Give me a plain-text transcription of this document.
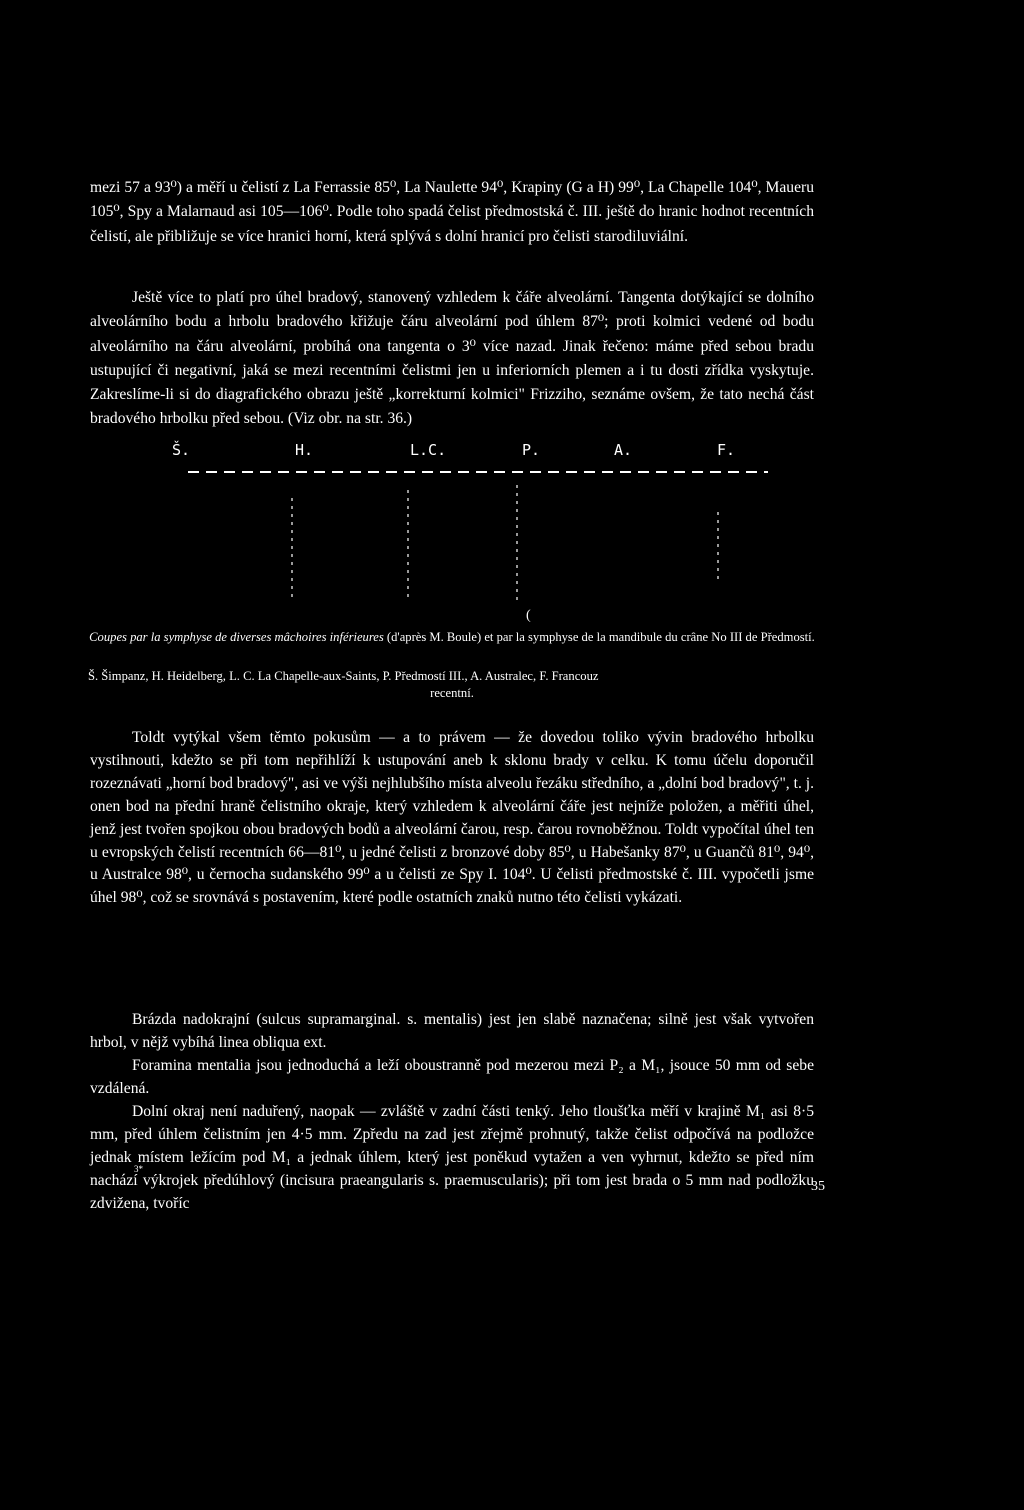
mezi 57 a 93⁰) a měří u čelistí z La Ferrassie 85⁰, La Naulette 94⁰, Krapiny (G a H) 99⁰, La Chapelle 104⁰, Maueru 105⁰, Spy a Malarnaud asi 105—106⁰. Podle toho spadá čelist předmostská č. III. ještě do hranic hodnot recentních čelistí, ale přibližuje se více hranici horní, která splývá s dolní hranicí pro čelisti starodiluviální.

Ještě více to platí pro úhel bradový, stanovený vzhledem k čáře alveolární. Tangenta dotýkající se dolního alveolárního bodu a hrbolu bradového křižuje čáru alveolární pod úhlem 87⁰; proti kolmici vedené od bodu alveolárního na čáru alveolární, probíhá ona tangenta o 3⁰ více nazad. Jinak řečeno: máme před sebou bradu ustupující či negativní, jaká se mezi recentními čelistmi jen u inferiorních plemen a i tu dosti zřídka vyskytuje. Zakreslíme-li si do diagrafického obrazu ještě „korrekturní kolmici" Frizziho, seznáme ovšem, že tato nechá část bradového hrbolku před sebou. (Viz obr. na str. 36.)

Š.	H.	L.C.	P.	A.	F.
(

Coupes par la symphyse de diverses mâchoires inférieures (d'après M. Boule) et par la symphyse de la mandibule du crâne No III de Předmostí.

Š. Šimpanz, H. Heidelberg, L. C. La Chapelle-aux-Saints, P. Předmostí III., A. Australec, F. Francouz
recentní.

Toldt vytýkal všem těmto pokusům — a to právem — že dovedou toliko vývin bradového hrbolku vystihnouti, kdežto se při tom nepřihlíží k ustupování aneb k sklonu brady v celku. K tomu účelu doporučil rozeznávati „horní bod bradový", asi ve výši nejhlubšího místa alveolu řezáku středního, a „dolní bod bradový", t. j. onen bod na přední hraně čelistního okraje, který vzhledem k alveolární čáře jest nejníže položen, a měřiti úhel, jenž jest tvořen spojkou obou bradových bodů a alveolární čarou, resp. čarou rovnoběžnou. Toldt vypočítal úhel ten u evropských čelistí recentních 66—81⁰, u jedné čelisti z bronzové doby 85⁰, u Habešanky 87⁰, u Guančů 81⁰, 94⁰, u Australce 98⁰, u černocha sudanského 99⁰ a u čelisti ze Spy I. 104⁰. U čelisti předmostské č. III. vypočetli jsme úhel 98⁰, což se srovnává s postavením, které podle ostatních znaků nutno této čelisti vykázati.

Brázda nadokrajní (sulcus supramarginal. s. mentalis) jest jen slabě naznačena; silně jest však vytvořen hrbol, v nějž vybíhá linea obliqua ext.

Foramina mentalia jsou jednoduchá a leží oboustranně pod mezerou mezi P₂ a M₁, jsouce 50 mm od sebe vzdálená.

Dolní okraj není naduřený, naopak — zvláště v zadní části tenký. Jeho tloušťka měří v krajině M₁ asi 8·5 mm, před úhlem čelistním jen 4·5 mm. Zpředu na zad jest zřejmě prohnutý, takže čelist odpočívá na podložce jednak místem ležícím pod M₁ a jednak úhlem, který jest poněkud vytažen a ven vyhrnut, kdežto se před ním nachází výkrojek předúhlový (incisura praeangularis s. praemuscularis); při tom jest brada o 5 mm nad podložku zdvižena, tvoříc

3*
35
